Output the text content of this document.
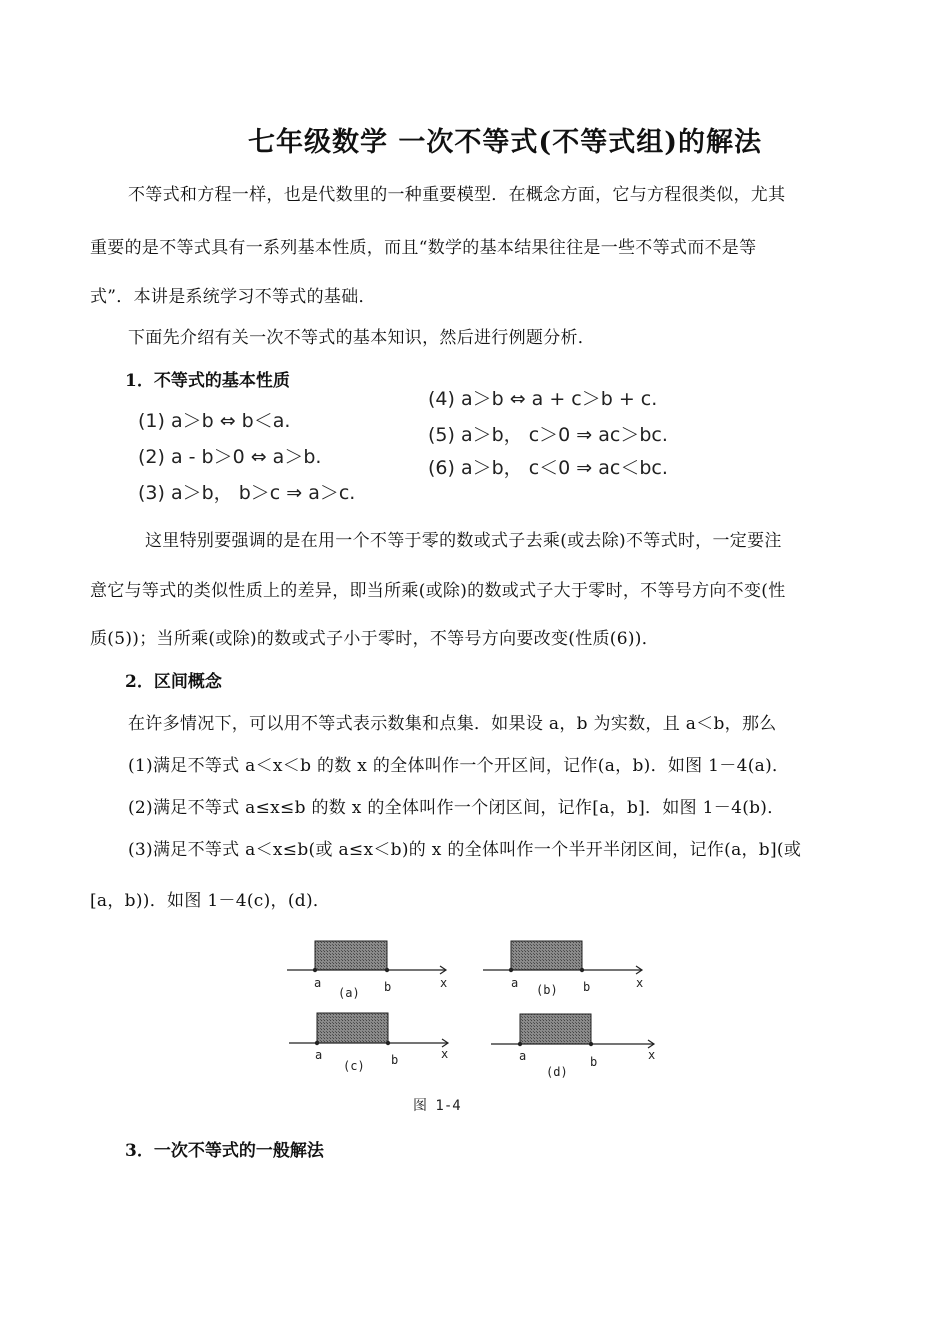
七年级数学 一次不等式(不等式组)的解法
不等式和方程一样，也是代数里的一种重要模型．在概念方面，它与方程很类似，尤其
重要的是不等式具有一系列基本性质，而且“数学的基本结果往往是一些不等式而不是等
式”．本讲是系统学习不等式的基础．
下面先介绍有关一次不等式的基本知识，然后进行例题分析．
1．不等式的基本性质
(1) a＞b ⇔ b＜a.
(2) a - b＞0 ⇔ a＞b.
(3) a＞b， b＞c ⇒ a＞c.
(4) a＞b ⇔ a + c＞b + c.
(5) a＞b， c＞0 ⇒ ac＞bc.
(6) a＞b， c＜0 ⇒ ac＜bc.
这里特别要强调的是在用一个不等于零的数或式子去乘(或去除)不等式时，一定要注
意它与等式的类似性质上的差异，即当所乘(或除)的数或式子大于零时，不等号方向不变(性
质(5))；当所乘(或除)的数或式子小于零时，不等号方向要改变(性质(6))．
2．区间概念
在许多情况下，可以用不等式表示数集和点集．如果设 a，b 为实数，且 a＜b，那么
(1)满足不等式 a＜x＜b 的数 x 的全体叫作一个开区间，记作(a，b)．如图 1－4(a)．
(2)满足不等式 a≤x≤b 的数 x 的全体叫作一个闭区间，记作[a，b]．如图 1－4(b)．
(3)满足不等式 a＜x≤b(或 a≤x＜b)的 x 的全体叫作一个半开半闭区间，记作(a，b](或
[a，b))．如图 1－4(c)，(d)．
a
(a) b	x	a (b) b	x
a
(c) b	x	a
(d)
b	x
图 1-4
3．一次不等式的一般解法
